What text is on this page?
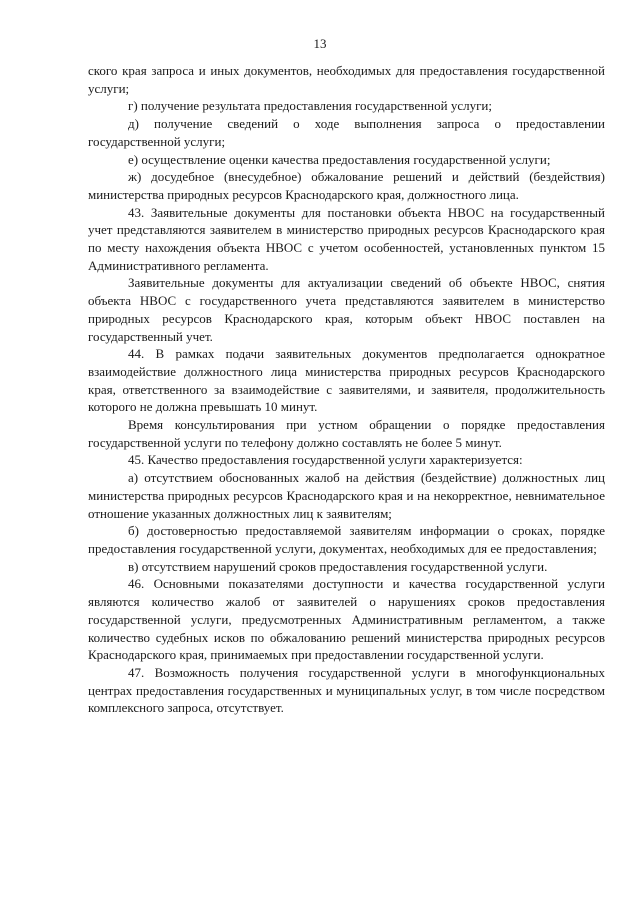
13

ского края запроса и иных документов, необходимых для предоставления государственной услуги;

г) получение результата предоставления государственной услуги;

д) получение сведений о ходе выполнения запроса о предоставлении государственной услуги;

е) осуществление оценки качества предоставления государственной услуги;

ж) досудебное (внесудебное) обжалование решений и действий (бездействия) министерства природных ресурсов Краснодарского края, должностного лица.

43. Заявительные документы для постановки объекта НВОС на государственный учет представляются заявителем в министерство природных ресурсов Краснодарского края по месту нахождения объекта НВОС с учетом особенностей, установленных пунктом 15 Административного регламента.

Заявительные документы для актуализации сведений об объекте НВОС, снятия объекта НВОС с государственного учета представляются заявителем в министерство природных ресурсов Краснодарского края, которым объект НВОС поставлен на государственный учет.

44. В рамках подачи заявительных документов предполагается однократное взаимодействие должностного лица министерства природных ресурсов Краснодарского края, ответственного за взаимодействие с заявителями, и заявителя, продолжительность которого не должна превышать 10 минут.

Время консультирования при устном обращении о порядке предоставления государственной услуги по телефону должно составлять не более 5 минут.

45. Качество предоставления государственной услуги характеризуется:

а) отсутствием обоснованных жалоб на действия (бездействие) должностных лиц министерства природных ресурсов Краснодарского края и на некорректное, невнимательное отношение указанных должностных лиц к заявителям;

б) достоверностью предоставляемой заявителям информации о сроках, порядке предоставления государственной услуги, документах, необходимых для ее предоставления;

в) отсутствием нарушений сроков предоставления государственной услуги.

46. Основными показателями доступности и качества государственной услуги являются количество жалоб от заявителей о нарушениях сроков предоставления государственной услуги, предусмотренных Административным регламентом, а также количество судебных исков по обжалованию решений министерства природных ресурсов Краснодарского края, принимаемых при предоставлении государственной услуги.

47. Возможность получения государственной услуги в многофункциональных центрах предоставления государственных и муниципальных услуг, в том числе посредством комплексного запроса, отсутствует.
